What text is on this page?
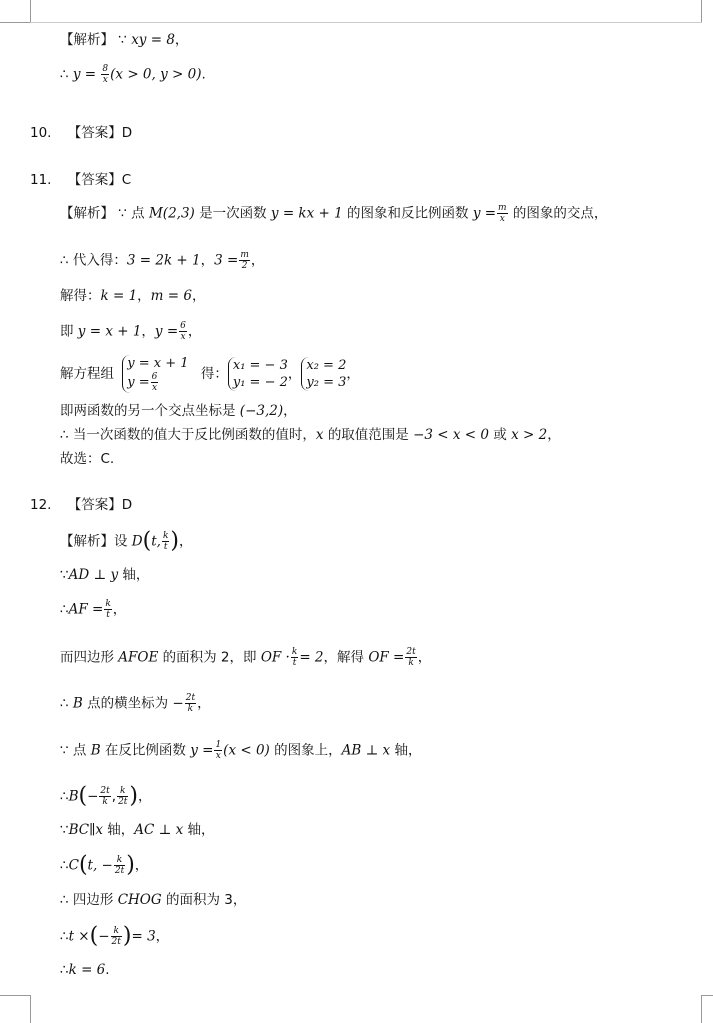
【解析】 ∵ xy = 8，
∴ $y = \frac{8}{x} (x > 0$, y > 0).
10. 【答案】D
11. 【答案】C
【解析】 ∵ 点 M(2,3) 是一次函数 y = kx + 1 的图象和反比例函数 $y = \frac{m}{x}$ 的图象的交点，
∴ 代入得：3 = 2k + 1，$3 = \frac{m}{2}$ ，
解得：k = 1，m = 6，
即 y = x + 1，$y = \frac{6}{x}$ ，
解方程组
y = x + 1
$y = \frac{6}{x}$	得：
x₁ = − 3
y₁ = − 2
，
x₂ = 2
y₂ = 3
，
即两函数的另一个交点坐标是 (−3,2)，
∴ 当一次函数的值大于反比例函数的值时，x 的取值范围是 −3 < x < 0 或 x > 2，
故选：C.
12. 【答案】D
【解析】设 D(t, $\frac{k}{t}$ )，
∵AD ⊥ y 轴，
∴AF = $\frac{k}{t}$ ，
而四边形 AFOE 的面积为 2，即 OF · $\frac{k}{t} = 2$，解得 OF = $\frac{2t}{k}$ ，
∴ B 点的横坐标为 − $\frac{2t}{k}$ ，
∵ 点 B 在反比例函数 $y = \frac{1}{x} (x < 0)$ 的图象上，AB ⊥ x 轴，
∴B(− $\frac{2t}{k}$ , $\frac{k}{2t}$ )，
∵BC∥x 轴，AC ⊥ x 轴，
∴C(t, − $\frac{k}{2t}$ )，
∴ 四边形 CHOG 的面积为 3，
∴t ×(− $\frac{k}{2t}$ )= 3，
∴k = 6.
